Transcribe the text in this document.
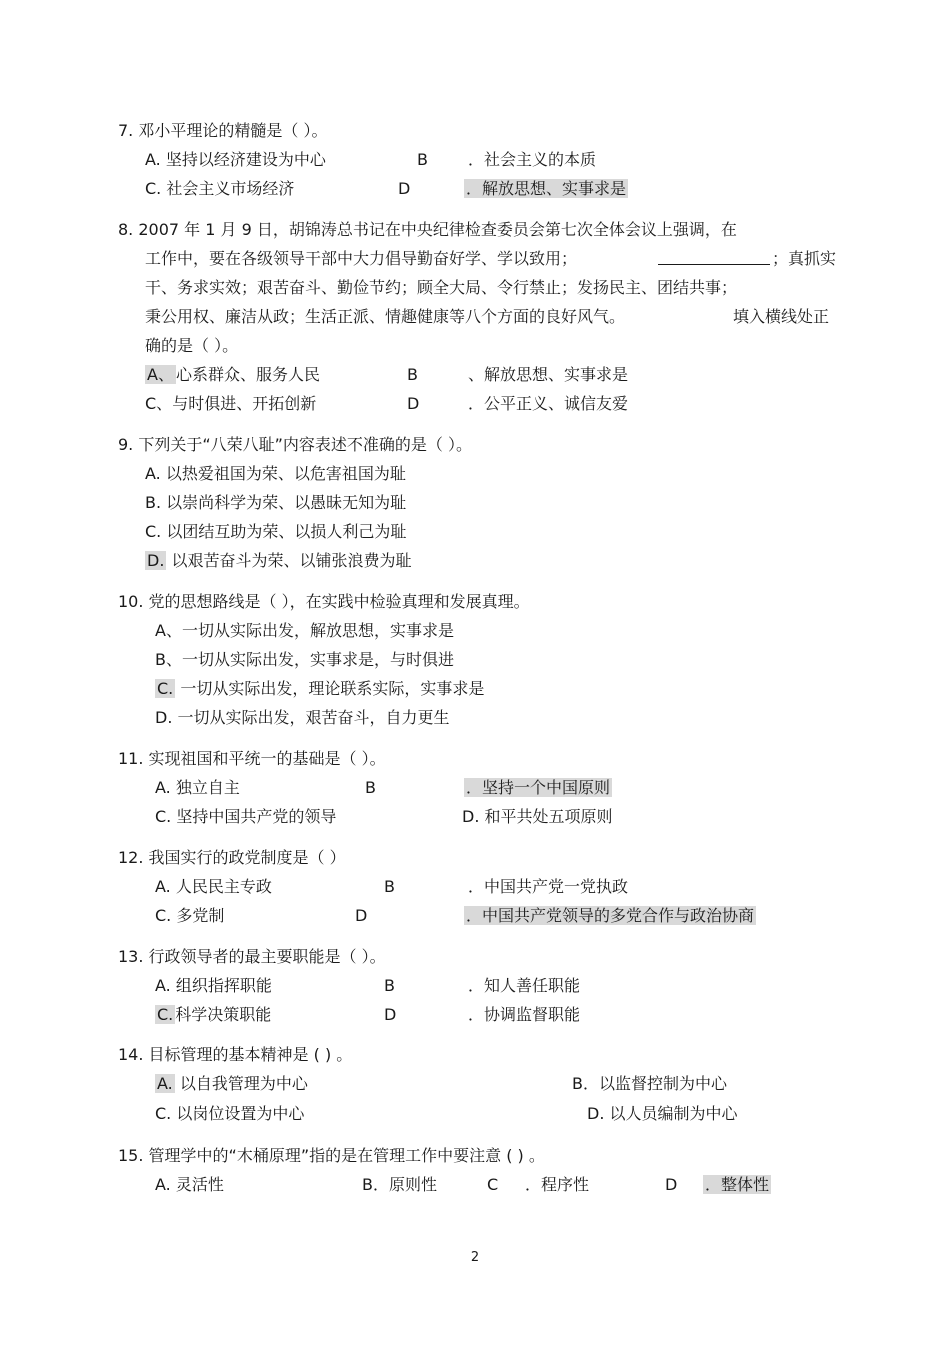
7. 邓小平理论的精髓是（ ）。
A. 坚持以经济建设为中心	B	．社会主义的本质
C. 社会主义市场经济	D	．解放思想、实事求是
8. 2007 年 1 月 9 日，胡锦涛总书记在中央纪律检查委员会第七次全体会议上强调，在
工作中，要在各级领导干部中大力倡导勤奋好学、学以致用；	；真抓实
干、务求实效；艰苦奋斗、勤俭节约；顾全大局、令行禁止；发扬民主、团结共事；
秉公用权、廉洁从政；生活正派、情趣健康等八个方面的良好风气。	填入横线处正
确的是（ ）。
A、 心系群众、服务人民	B	、解放思想、实事求是
C、与时俱进、开拓创新	D	．公平正义、诚信友爱
9. 下列关于“八荣八耻”内容表述不准确的是（ ）。
A. 以热爱祖国为荣、以危害祖国为耻
B. 以崇尚科学为荣、以愚昧无知为耻
C. 以团结互助为荣、以损人利己为耻
D. 以艰苦奋斗为荣、以铺张浪费为耻
10. 党的思想路线是（ ），在实践中检验真理和发展真理。
A、一切从实际出发，解放思想，实事求是
B、一切从实际出发，实事求是，与时俱进
C. 一切从实际出发，理论联系实际，实事求是
D. 一切从实际出发，艰苦奋斗，自力更生
11. 实现祖国和平统一的基础是（ ）。
A. 独立自主	B	．坚持一个中国原则
C. 坚持中国共产党的领导	D. 和平共处五项原则
12. 我国实行的政党制度是（ ）
A. 人民民主专政	B	．中国共产党一党执政
C. 多党制	D	．中国共产党领导的多党合作与政治协商
13. 行政领导者的最主要职能是（ ）。
A. 组织指挥职能	B	．知人善任职能
C. 科学决策职能	D	．协调监督职能
14. 目标管理的基本精神是 ( ) 。
A. 以自我管理为中心	B．以监督控制为中心
C. 以岗位设置为中心	D. 以人员编制为中心
15. 管理学中的“木桶原理”指的是在管理工作中要注意 ( ) 。
A. 灵活性	B．原则性	C ．程序性	D ．整体性
2
